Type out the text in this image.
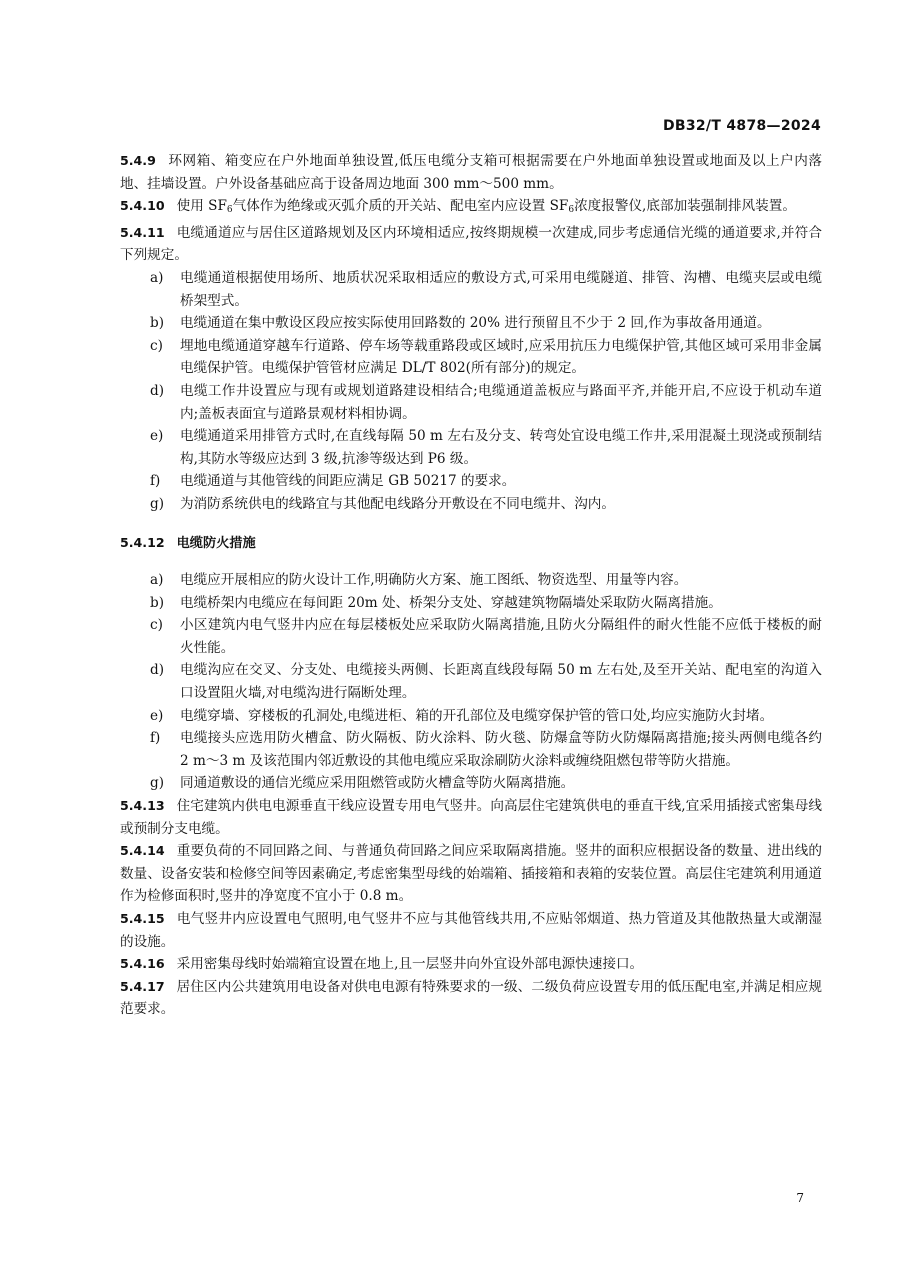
DB32/T 4878—2024

5.4.9 环网箱、箱变应在户外地面单独设置,低压电缆分支箱可根据需要在户外地面单独设置或地面及以上户内落地、挂墙设置。户外设备基础应高于设备周边地面 300 mm～500 mm。

5.4.10 使用 $SF_6$气体作为绝缘或灭弧介质的开关站、配电室内应设置 $SF_6$浓度报警仪,底部加装强制排风装置。

5.4.11 电缆通道应与居住区道路规划及区内环境相适应,按终期规模一次建成,同步考虑通信光缆的通道要求,并符合下列规定。

a) 电缆通道根据使用场所、地质状况采取相适应的敷设方式,可采用电缆隧道、排管、沟槽、电缆夹层或电缆桥架型式。

b) 电缆通道在集中敷设区段应按实际使用回路数的 20% 进行预留且不少于 2 回,作为事故备用通道。

c) 埋地电缆通道穿越车行道路、停车场等载重路段或区域时,应采用抗压力电缆保护管,其他区域可采用非金属电缆保护管。电缆保护管管材应满足 DL/T 802(所有部分)的规定。

d) 电缆工作井设置应与现有或规划道路建设相结合;电缆通道盖板应与路面平齐,并能开启,不应设于机动车道内;盖板表面宜与道路景观材料相协调。

e) 电缆通道采用排管方式时,在直线每隔 50 m 左右及分支、转弯处宜设电缆工作井,采用混凝土现浇或预制结构,其防水等级应达到 3 级,抗渗等级达到 P6 级。

f) 电缆通道与其他管线的间距应满足 GB 50217 的要求。

g) 为消防系统供电的线路宜与其他配电线路分开敷设在不同电缆井、沟内。

5.4.12 电缆防火措施

a) 电缆应开展相应的防火设计工作,明确防火方案、施工图纸、物资选型、用量等内容。

b) 电缆桥架内电缆应在每间距 20m 处、桥架分支处、穿越建筑物隔墙处采取防火隔离措施。

c) 小区建筑内电气竖井内应在每层楼板处应采取防火隔离措施,且防火分隔组件的耐火性能不应低于楼板的耐火性能。

d) 电缆沟应在交叉、分支处、电缆接头两侧、长距离直线段每隔 50 m 左右处,及至开关站、配电室的沟道入口设置阻火墙,对电缆沟进行隔断处理。

e) 电缆穿墙、穿楼板的孔洞处,电缆进柜、箱的开孔部位及电缆穿保护管的管口处,均应实施防火封堵。

f) 电缆接头应选用防火槽盒、防火隔板、防火涂料、防火毯、防爆盒等防火防爆隔离措施;接头两侧电缆各约 2 m～3 m 及该范围内邻近敷设的其他电缆应采取涂刷防火涂料或缠绕阻燃包带等防火措施。

g) 同通道敷设的通信光缆应采用阻燃管或防火槽盒等防火隔离措施。

5.4.13 住宅建筑内供电电源垂直干线应设置专用电气竖井。向高层住宅建筑供电的垂直干线,宜采用插接式密集母线或预制分支电缆。

5.4.14 重要负荷的不同回路之间、与普通负荷回路之间应采取隔离措施。竖井的面积应根据设备的数量、进出线的数量、设备安装和检修空间等因素确定,考虑密集型母线的始端箱、插接箱和表箱的安装位置。高层住宅建筑利用通道作为检修面积时,竖井的净宽度不宜小于 0.8 m。

5.4.15 电气竖井内应设置电气照明,电气竖井不应与其他管线共用,不应贴邻烟道、热力管道及其他散热量大或潮湿的设施。

5.4.16 采用密集母线时始端箱宜设置在地上,且一层竖井向外宜设外部电源快速接口。

5.4.17 居住区内公共建筑用电设备对供电电源有特殊要求的一级、二级负荷应设置专用的低压配电室,并满足相应规范要求。

7
